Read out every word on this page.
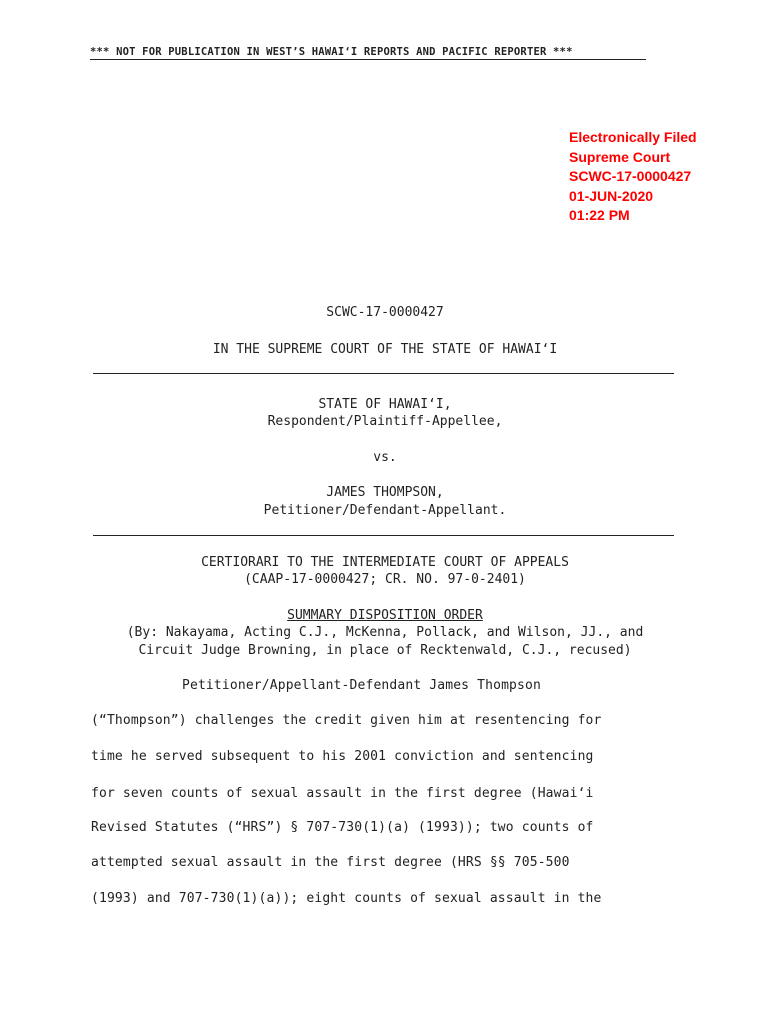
*** NOT FOR PUBLICATION IN WEST’S HAWAI‘I REPORTS AND PACIFIC REPORTER ***
Electronically Filed
Supreme Court
SCWC-17-0000427
01-JUN-2020
01:22 PM
SCWC-17-0000427
IN THE SUPREME COURT OF THE STATE OF HAWAI‘I
STATE OF HAWAI‘I,
Respondent/Plaintiff-Appellee,
vs.
JAMES THOMPSON,
Petitioner/Defendant-Appellant.
CERTIORARI TO THE INTERMEDIATE COURT OF APPEALS
(CAAP-17-0000427; CR. NO. 97-0-2401)
SUMMARY DISPOSITION ORDER
(By: Nakayama, Acting C.J., McKenna, Pollack, and Wilson, JJ., and
Circuit Judge Browning, in place of Recktenwald, C.J., recused)
Petitioner/Appellant-Defendant James Thompson
(“Thompson”) challenges the credit given him at resentencing for
time he served subsequent to his 2001 conviction and sentencing
for seven counts of sexual assault in the first degree (Hawai‘i
Revised Statutes (“HRS”) § 707-730(1)(a) (1993)); two counts of
attempted sexual assault in the first degree (HRS §§ 705-500
(1993) and 707-730(1)(a)); eight counts of sexual assault in the
